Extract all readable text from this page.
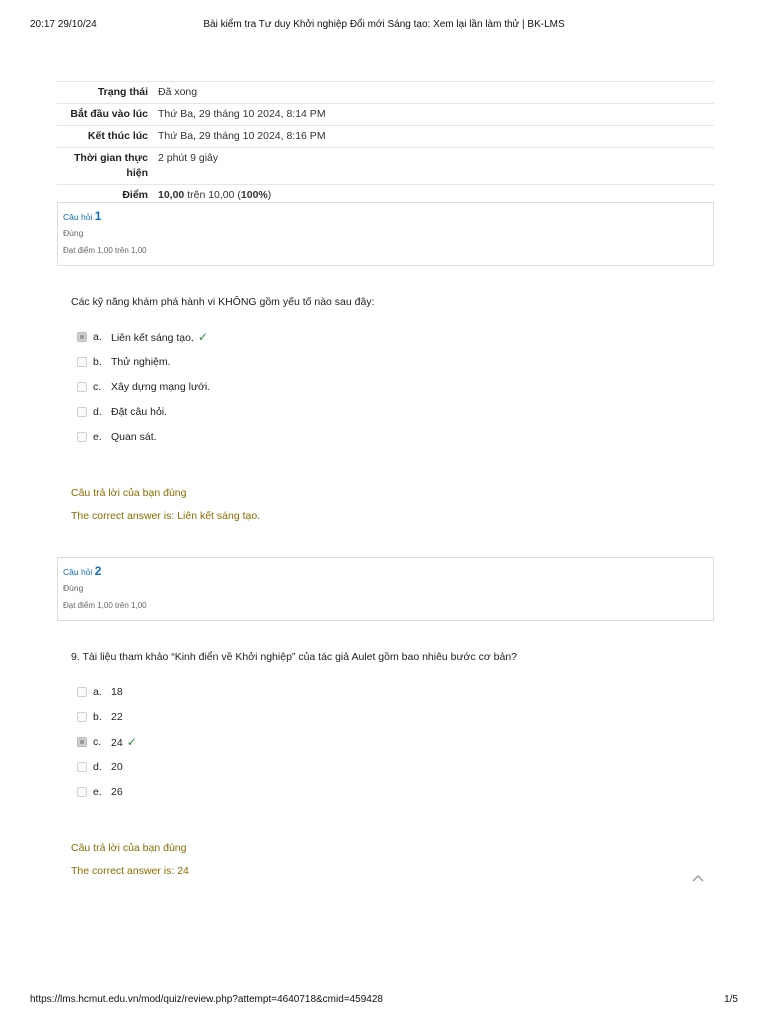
20:17 29/10/24	Bài kiểm tra Tư duy Khởi nghiệp Đổi mới Sáng tạo: Xem lại lần làm thử | BK-LMS
Trạng thái	Đã xong
Bắt đầu vào lúc	Thứ Ba, 29 tháng 10 2024, 8:14 PM
Kết thúc lúc	Thứ Ba, 29 tháng 10 2024, 8:16 PM
Thời gian thực hiện	2 phút 9 giây
Điểm	10,00 trên 10,00 (100%)
Câu hỏi 1
Đúng
Đạt điểm 1,00 trên 1,00
Các kỹ năng khám phá hành vi KHÔNG gồm yếu tố nào sau đây:
a. Liên kết sáng tạo. ✓
b. Thử nghiệm.
c. Xây dựng mạng lưới.
d. Đặt câu hỏi.
e. Quan sát.
Câu trả lời của bạn đúng
The correct answer is: Liên kết sáng tạo.
Câu hỏi 2
Đúng
Đạt điểm 1,00 trên 1,00
9. Tài liệu tham khảo “Kinh điển về Khởi nghiệp” của tác giả Aulet gồm bao nhiêu bước cơ bản?
a. 18
b. 22
c. 24 ✓
d. 20
e. 26
Câu trả lời của bạn đúng
The correct answer is: 24
https://lms.hcmut.edu.vn/mod/quiz/review.php?attempt=4640718&cmid=459428	1/5
